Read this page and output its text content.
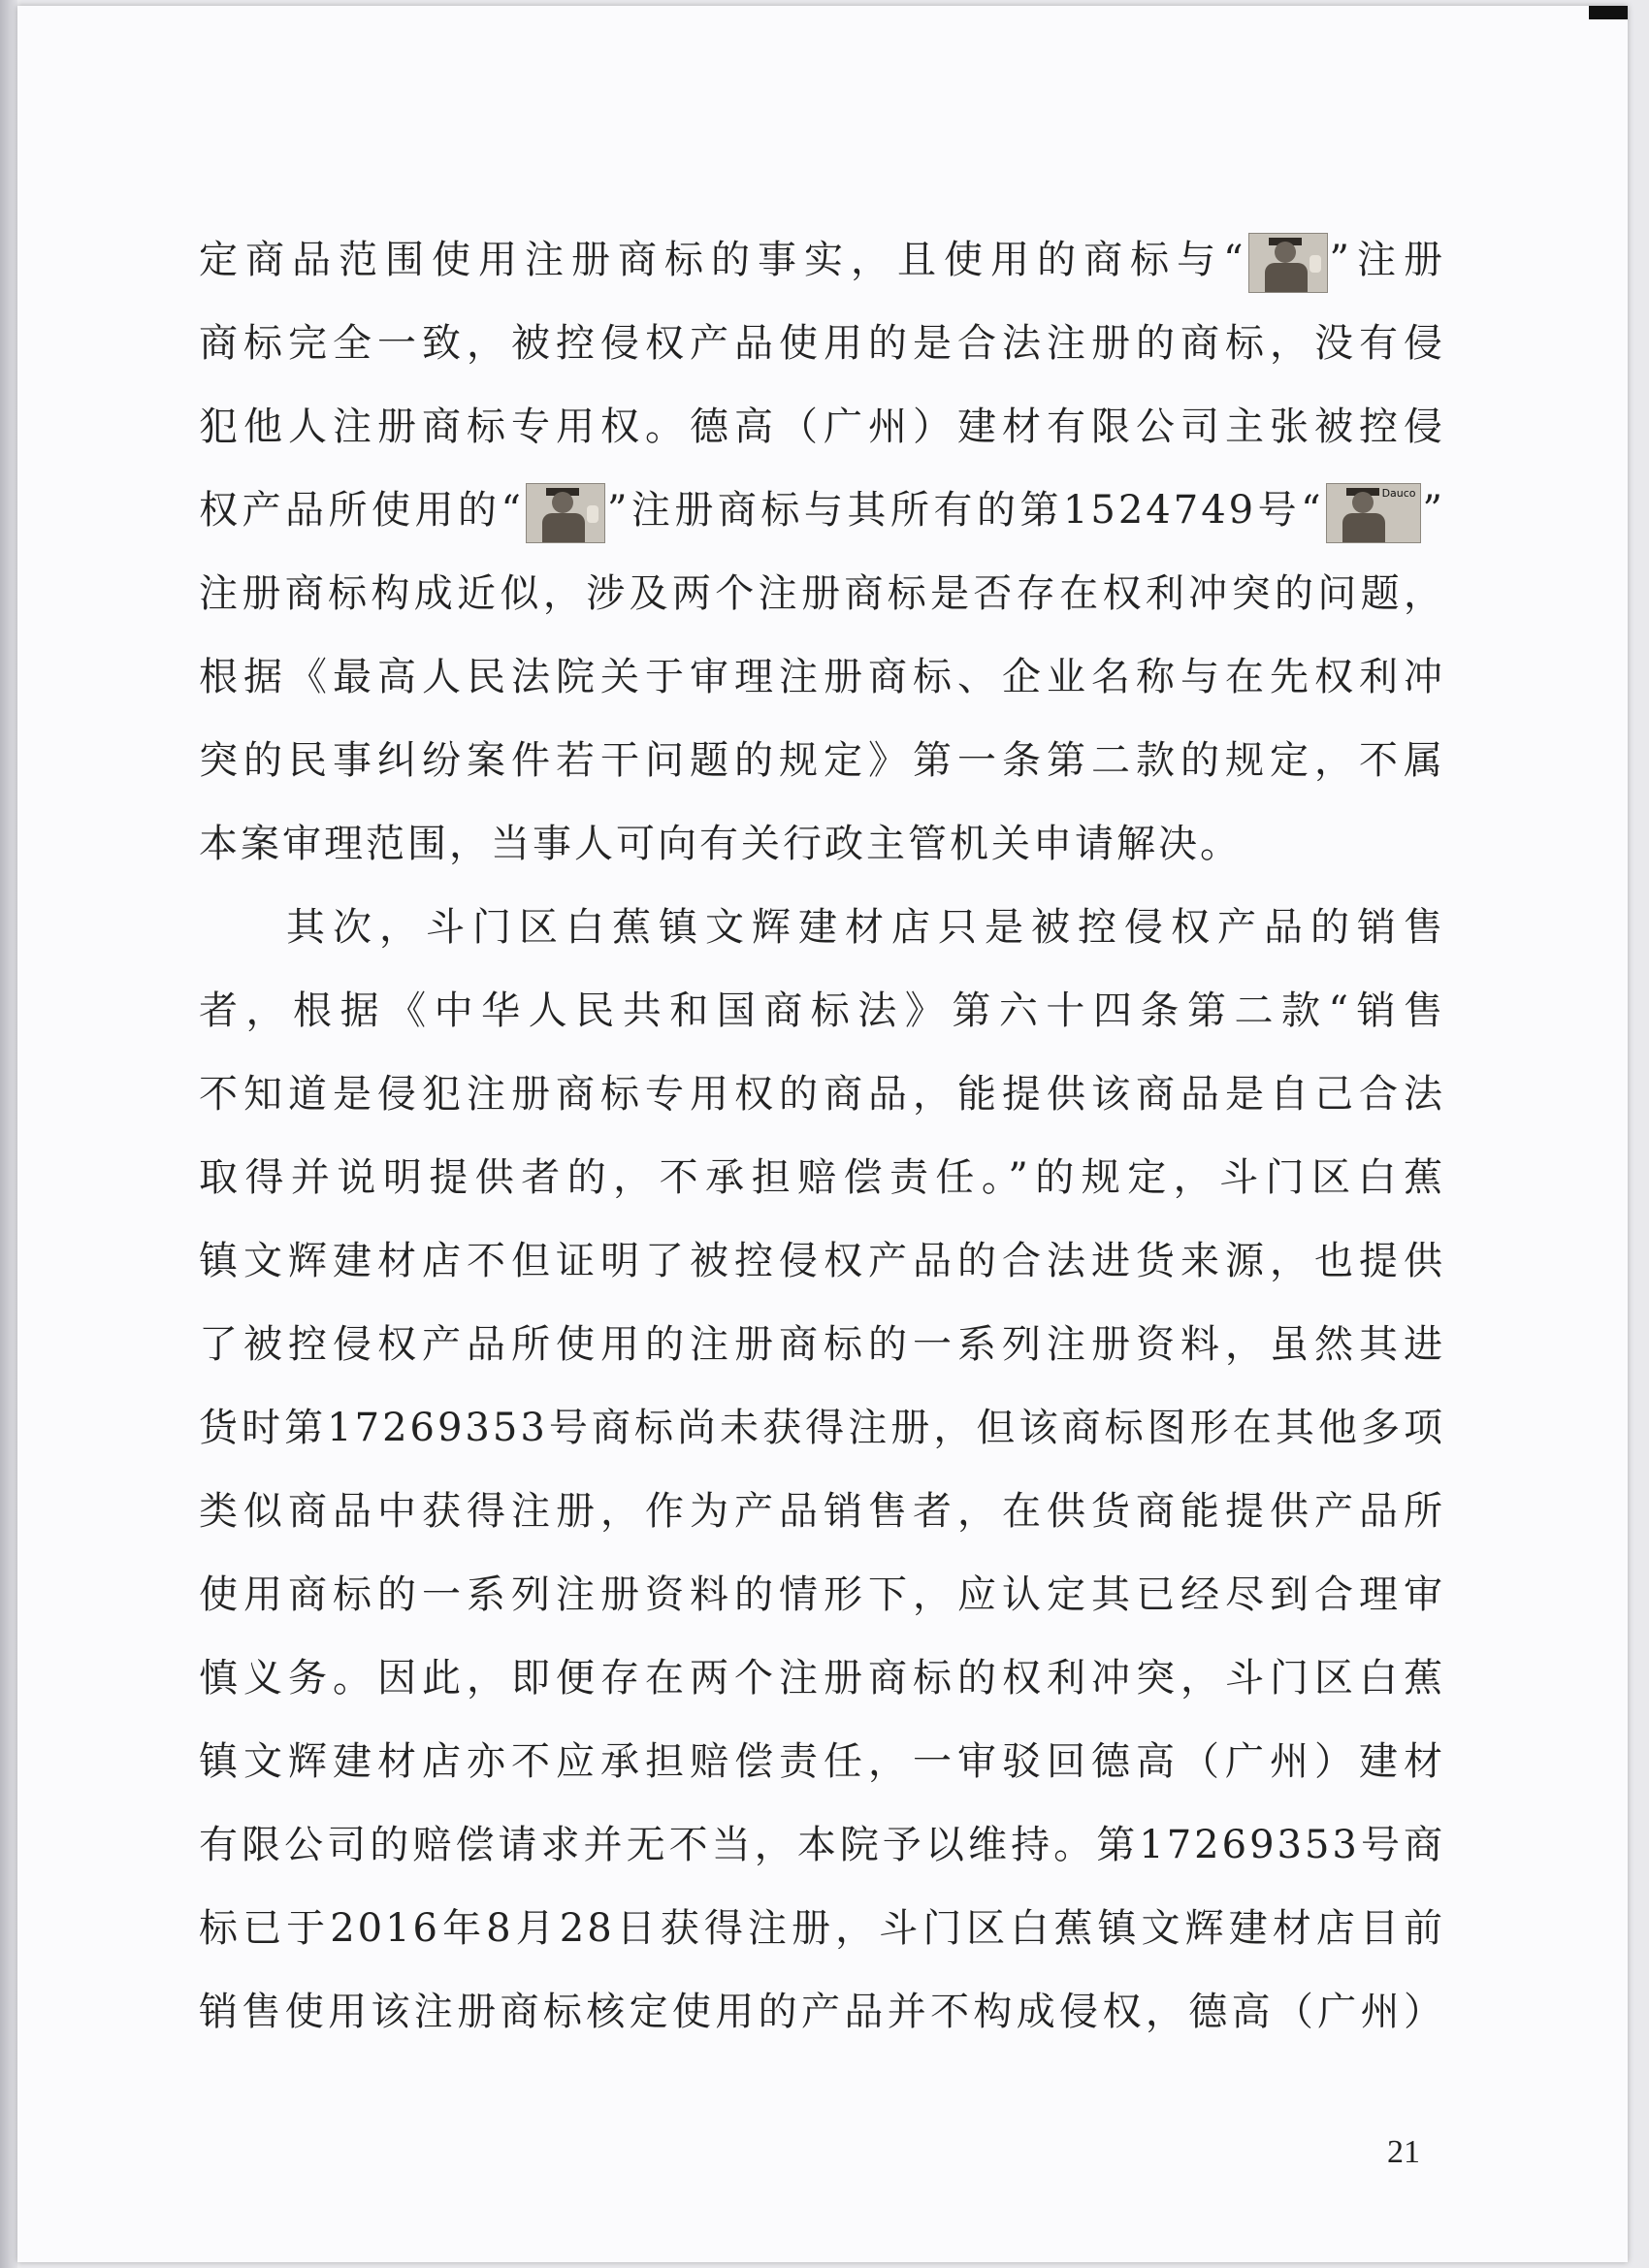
定商品范围使用注册商标的事实，且使用的商标与“ ”注册
商标完全一致，被控侵权产品使用的是合法注册的商标，没有侵
犯他人注册商标专用权。德高（广州）建材有限公司主张被控侵
权产品所使用的“ ”注册商标与其所有的第1524749号“	Dauco ”
注册商标构成近似，涉及两个注册商标是否存在权利冲突的问题，
根据《最高人民法院关于审理注册商标、企业名称与在先权利冲
突的民事纠纷案件若干问题的规定》第一条第二款的规定，不属
本案审理范围，当事人可向有关行政主管机关申请解决。
其次，斗门区白蕉镇文辉建材店只是被控侵权产品的销售
者，根据《中华人民共和国商标法》第六十四条第二款“销售
不知道是侵犯注册商标专用权的商品，能提供该商品是自己合法
取得并说明提供者的，不承担赔偿责任。”的规定，斗门区白蕉
镇文辉建材店不但证明了被控侵权产品的合法进货来源，也提供
了被控侵权产品所使用的注册商标的一系列注册资料，虽然其进
货时第17269353号商标尚未获得注册，但该商标图形在其他多项
类似商品中获得注册，作为产品销售者，在供货商能提供产品所
使用商标的一系列注册资料的情形下，应认定其已经尽到合理审
慎义务。因此，即便存在两个注册商标的权利冲突，斗门区白蕉
镇文辉建材店亦不应承担赔偿责任，一审驳回德高（广州）建材
有限公司的赔偿请求并无不当，本院予以维持。第17269353号商
标已于2016年8月28日获得注册，斗门区白蕉镇文辉建材店目前
销售使用该注册商标核定使用的产品并不构成侵权，德高（广州）
21
